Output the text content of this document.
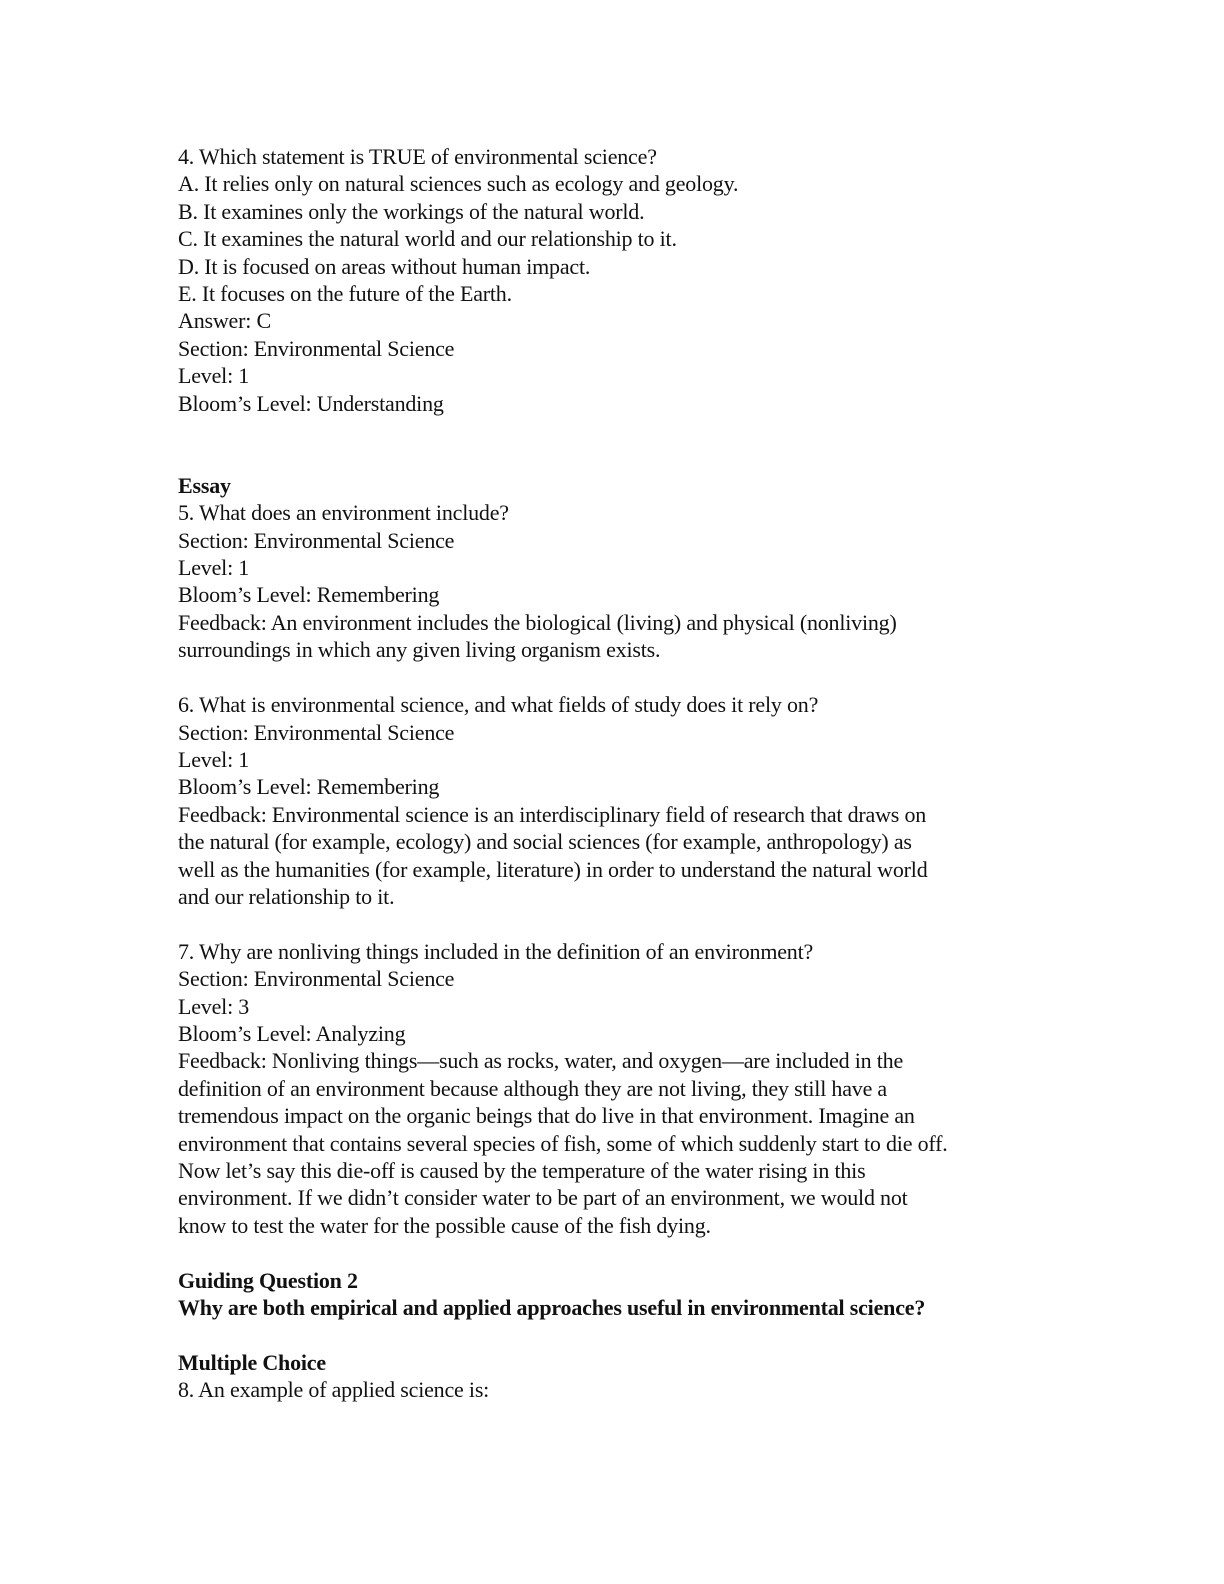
4. Which statement is TRUE of environmental science?
A. It relies only on natural sciences such as ecology and geology.
B. It examines only the workings of the natural world.
C. It examines the natural world and our relationship to it.
D. It is focused on areas without human impact.
E. It focuses on the future of the Earth.
Answer: C
Section: Environmental Science
Level: 1
Bloom’s Level: Understanding
Essay
5. What does an environment include?
Section: Environmental Science
Level: 1
Bloom’s Level: Remembering
Feedback: An environment includes the biological (living) and physical (nonliving)
surroundings in which any given living organism exists.
6. What is environmental science, and what fields of study does it rely on?
Section: Environmental Science
Level: 1
Bloom’s Level: Remembering
Feedback: Environmental science is an interdisciplinary field of research that draws on
the natural (for example, ecology) and social sciences (for example, anthropology) as
well as the humanities (for example, literature) in order to understand the natural world
and our relationship to it.
7. Why are nonliving things included in the definition of an environment?
Section: Environmental Science
Level: 3
Bloom’s Level: Analyzing
Feedback: Nonliving things—such as rocks, water, and oxygen—are included in the
definition of an environment because although they are not living, they still have a
tremendous impact on the organic beings that do live in that environment. Imagine an
environment that contains several species of fish, some of which suddenly start to die off.
Now let’s say this die-off is caused by the temperature of the water rising in this
environment. If we didn’t consider water to be part of an environment, we would not
know to test the water for the possible cause of the fish dying.
Guiding Question 2
Why are both empirical and applied approaches useful in environmental science?
Multiple Choice
8. An example of applied science is:
